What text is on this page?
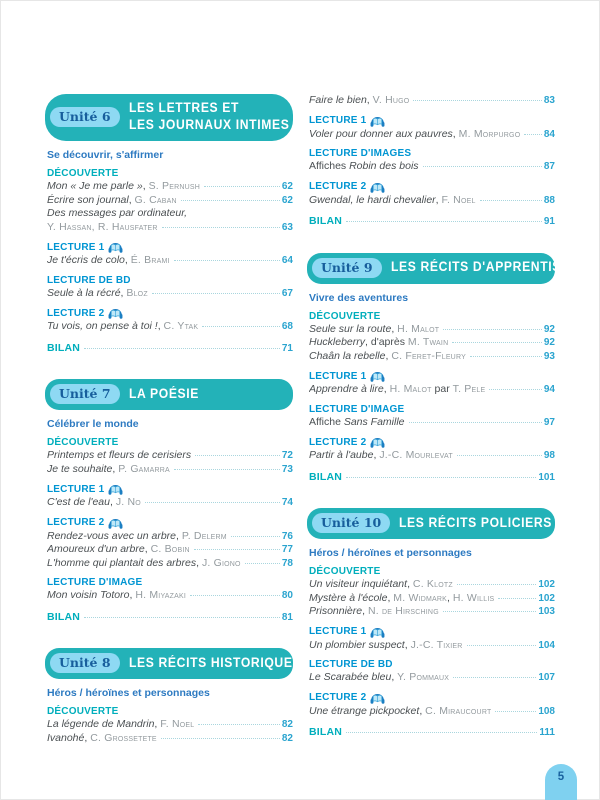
Unité 6
LES LETTRES ET
LES JOURNAUX INTIMES
Se découvrir, s'affirmer
DÉCOUVERTE
Mon « Je me parle », S. Pernush	62
Écrire son journal, G. Caban	62
Des messages par ordinateur,
Y. Hassan, R. Hausfater	63
LECTURE 1
Je t'écris de colo, É. Brami	64
LECTURE DE BD
Seule à la récré, Bloz	67
LECTURE 2
Tu vois, on pense à toi !, C. Ytak	68
BILAN	71
Unité 7	LA POÉSIE
Célébrer le monde
DÉCOUVERTE
Printemps et fleurs de cerisiers	72
Je te souhaite, P. Gamarra	73
LECTURE 1
C'est de l'eau, J. No	74
LECTURE 2
Rendez-vous avec un arbre, P. Delerm	76
Amoureux d'un arbre, C. Bobin	77
L'homme qui plantait des arbres, J. Giono	78
LECTURE D'IMAGE
Mon voisin Totoro, H. Miyazaki	80
BILAN	81
Unité 8	LES RÉCITS HISTORIQUES
Héros / héroïnes et personnages
DÉCOUVERTE
La légende de Mandrin, F. Noel	82
Ivanohé, C. Grossetete	82
Faire le bien, V. Hugo	83
LECTURE 1
Voler pour donner aux pauvres, M. Morpurgo 84
LECTURE D'IMAGES
Affiches Robin des bois	87
LECTURE 2
Gwendal, le hardi chevalier, F. Noel	88
BILAN	91
Unité 9	LES RÉCITS D'APPRENTISSAGE
Vivre des aventures
DÉCOUVERTE
Seule sur la route, H. Malot	92
Huckleberry, d'après M. Twain	92
Chaân la rebelle, C. Feret-Fleury	93
LECTURE 1
Apprendre à lire, H. Malot par T. Pele	94
LECTURE D'IMAGE
Affiche Sans Famille	97
LECTURE 2
Partir à l'aube, J.-C. Mourlevat	98
BILAN	101
Unité 10	LES RÉCITS POLICIERS
Héros / héroïnes et personnages
DÉCOUVERTE
Un visiteur inquiétant, C. Klotz	102
Mystère à l'école, M. Widmark, H. Willis	102
Prisonnière, N. de Hirsching	103
LECTURE 1
Un plombier suspect, J.-C. Tixier	104
LECTURE DE BD
Le Scarabée bleu, Y. Pommaux	107
LECTURE 2
Une étrange pickpocket, C. Miraucourt	108
BILAN	111
5
